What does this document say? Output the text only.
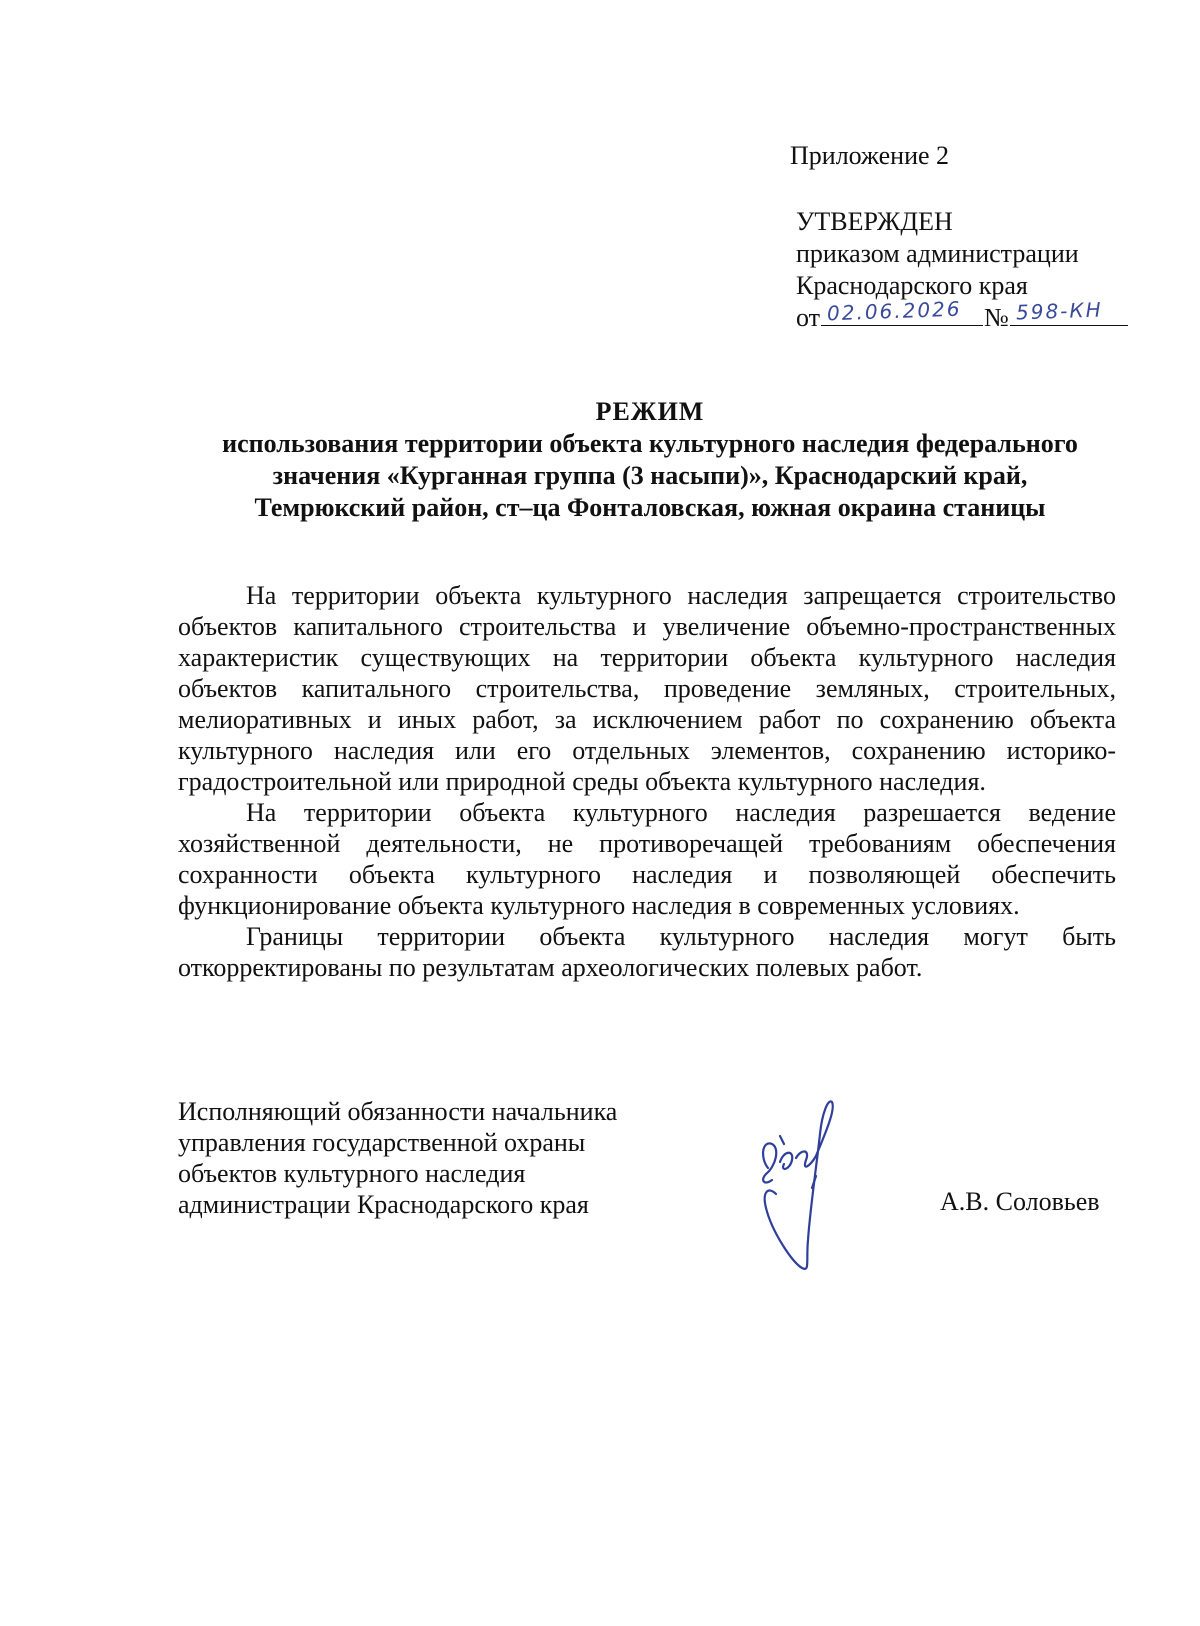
Приложение 2
УТВЕРЖДЕН
приказом администрации
Краснодарского края
от 02.06.2026 № 598-КН
РЕЖИМ
использования территории объекта культурного наследия федерального
значения «Курганная группа (3 насыпи)», Краснодарский край,
Темрюкский район, ст–ца Фонталовская, южная окраина станицы

На территории объекта культурного наследия запрещается строительство объектов капитального строительства и увеличение объемно-пространственных характеристик существующих на территории объекта культурного наследия объектов капитального строительства, проведение земляных, строительных, мелиоративных и иных работ, за исключением работ по сохранению объекта культурного наследия или его отдельных элементов, сохранению историко-градостроительной или природной среды объекта культурного наследия.

На территории объекта культурного наследия разрешается ведение хозяйственной деятельности, не противоречащей требованиям обеспечения сохранности объекта культурного наследия и позволяющей обеспечить функционирование объекта культурного наследия в современных условиях.

Границы территории объекта культурного наследия могут быть откорректированы по результатам археологических полевых работ.

Исполняющий обязанности начальника
управления государственной охраны
объектов культурного наследия
администрации Краснодарского края	А.В. Соловьев
